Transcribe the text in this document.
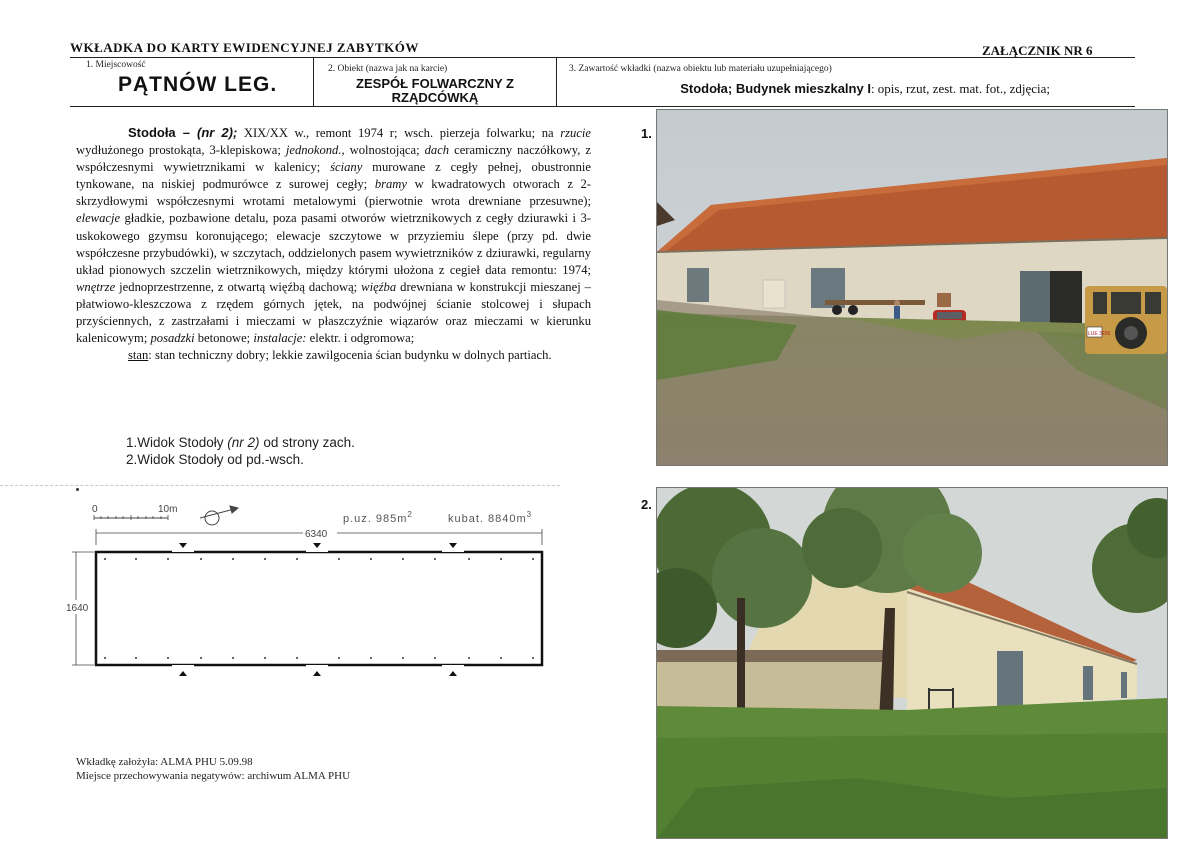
WKŁADKA DO KARTY EWIDENCYJNEJ ZABYTKÓW	ZAŁĄCZNIK NR 6
1. Miejscowość
PĄTNÓW LEG.
2. Obiekt (nazwa jak na karcie)
ZESPÓŁ FOLWARCZNY Z
RZĄDCÓWKĄ
3. Zawartość wkładki (nazwa obiektu lub materiału uzupełniającego)
Stodoła; Budynek mieszkalny I: opis, rzut, zest. mat. fot., zdjęcia;

Stodoła – (nr 2); XIX/XX w., remont 1974 r; wsch. pierzeja folwarku; na rzucie wydłużonego prostokąta, 3-klepiskowa; jednokond., wolnostojąca; dach ceramiczny naczółkowy, z współczesnymi wywietrznikami w kalenicy; ściany murowane z cegły pełnej, obustronnie tynkowane, na niskiej podmurówce z surowej cegły; bramy w kwadratowych otworach z 2-skrzydłowymi współczesnymi wrotami metalowymi (pierwotnie wrota drewniane przesuwne); elewacje gładkie, pozbawione detalu, poza pasami otworów wietrznikowych z cegły dziurawki i 3-uskokowego gzymsu koronującego; elewacje szczytowe w przyziemiu ślepe (przy pd. dwie współczesne przybudówki), w szczytach, oddzielonych pasem wywietrzników z dziurawki, regularny układ pionowych szczelin wietrznikowych, między którymi ułożona z cegieł data remontu: 1974; wnętrze jednoprzestrzenne, z otwartą więźbą dachową; więźba drewniana w konstrukcji mieszanej – płatwiowo-kleszczowa z rzędem górnych jętek, na podwójnej ścianie stolcowej i słupach przyściennych, z zastrzałami i mieczami w płaszczyźnie wiązarów oraz mieczami w kierunku kalenicowym; posadzki betonowe; instalacje: elektr. i odgromowa;

stan: stan techniczny dobry; lekkie zawilgocenia ścian budynku w dolnych partiach.

1.Widok Stodoły (nr 2) od strony zach.
2.Widok Stodoły od pd.-wsch.
0	10m
p.uz. $985m^2$	kubat. $8840m^3$
6340
1640
Wkładkę założyła: ALMA PHU 5.09.98
Miejsce przechowywania negatywów: archiwum ALMA PHU
1.
LUE 3206
2.
